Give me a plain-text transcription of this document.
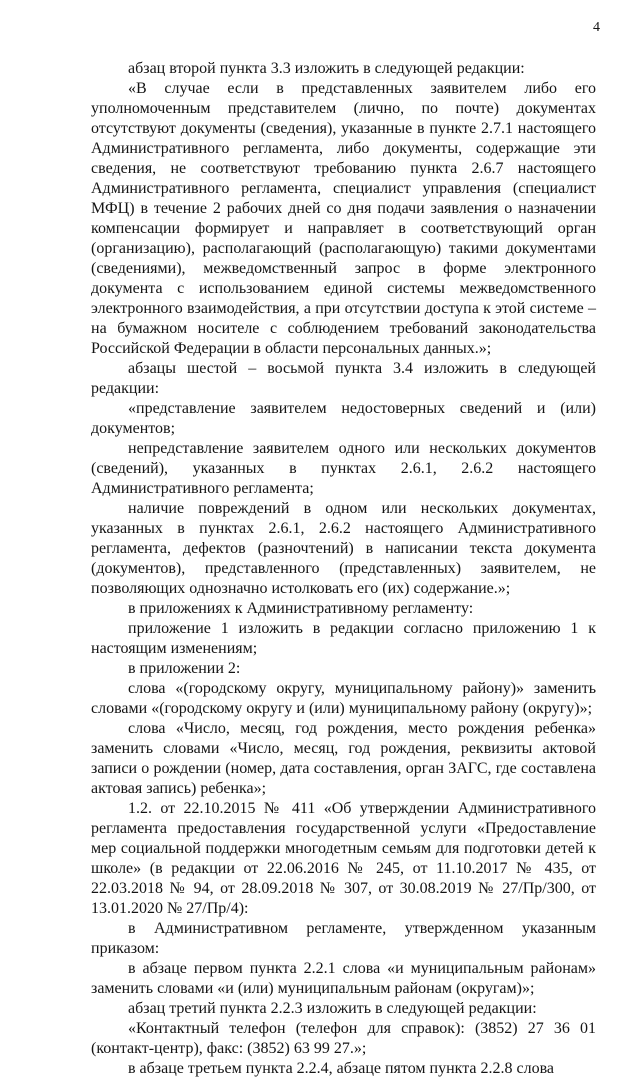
4

абзац второй пункта 3.3 изложить в следующей редакции:

«В случае если в представленных заявителем либо его уполномоченным представителем (лично, по почте) документах отсутствуют документы (сведения), указанные в пункте 2.7.1 настоящего Административного регламента, либо документы, содержащие эти сведения, не соответствуют требованию пункта 2.6.7 настоящего Административного регламента, специалист управления (специалист МФЦ) в течение 2 рабочих дней со дня подачи заявления о назначении компенсации формирует и направляет в соответствующий орган (организацию), располагающий (располагающую) такими документами (сведениями), межведомственный запрос в форме электронного документа с использованием единой системы межведомственного электронного взаимодействия, а при отсутствии доступа к этой системе – на бумажном носителе с соблюдением требований законодательства Российской Федерации в области персональных данных.»;

абзацы шестой – восьмой пункта 3.4 изложить в следующей редакции:

«представление заявителем недостоверных сведений и (или) документов;

непредставление заявителем одного или нескольких документов (сведений), указанных в пунктах 2.6.1, 2.6.2 настоящего Административного регламента;

наличие повреждений в одном или нескольких документах, указанных в пунктах 2.6.1, 2.6.2 настоящего Административного регламента, дефектов (разночтений) в написании текста документа (документов), представленного (представленных) заявителем, не позволяющих однозначно истолковать его (их) содержание.»;

в приложениях к Административному регламенту:

приложение 1 изложить в редакции согласно приложению 1 к настоящим изменениям;

в приложении 2:

слова «(городскому округу, муниципальному району)» заменить словами «(городскому округу и (или) муниципальному району (округу)»;

слова «Число, месяц, год рождения, место рождения ребенка» заменить словами «Число, месяц, год рождения, реквизиты актовой записи о рождении (номер, дата составления, орган ЗАГС, где составлена актовая запись) ребенка»;

1.2. от 22.10.2015 № 411 «Об утверждении Административного регламента предоставления государственной услуги «Предоставление мер социальной поддержки многодетным семьям для подготовки детей к школе» (в редакции от 22.06.2016 № 245, от 11.10.2017 № 435, от 22.03.2018 № 94, от 28.09.2018 № 307, от 30.08.2019 № 27/Пр/300, от 13.01.2020 № 27/Пр/4):

в Административном регламенте, утвержденном указанным приказом:

в абзаце первом пункта 2.2.1 слова «и муниципальным районам» заменить словами «и (или) муниципальным районам (округам)»;

абзац третий пункта 2.2.3 изложить в следующей редакции:

«Контактный телефон (телефон для справок): (3852) 27 36 01 (контакт-центр), факс: (3852) 63 99 27.»;

в абзаце третьем пункта 2.2.4, абзаце пятом пункта 2.2.8 слова
